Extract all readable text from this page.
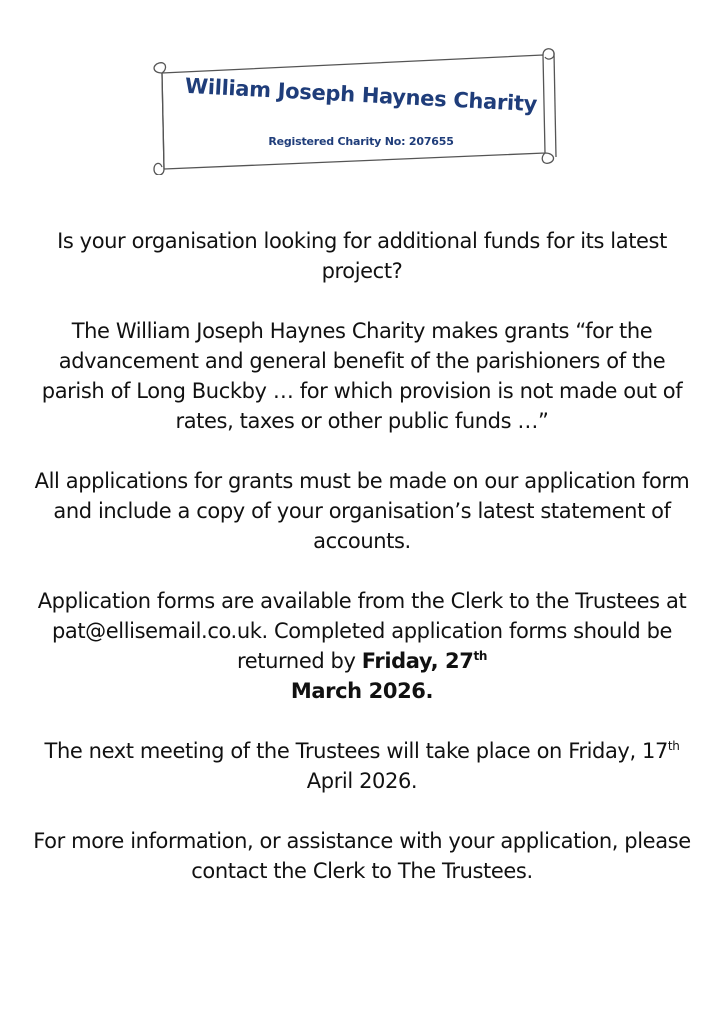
William Joseph Haynes Charity

Registered Charity No: 207655

Is your organisation looking for additional funds for its latest project?

The William Joseph Haynes Charity makes grants “for the advancement and general benefit of the parishioners of the parish of Long Buckby … for which provision is not made out of rates, taxes or other public funds …”

All applications for grants must be made on our application form and include a copy of your organisation’s latest statement of accounts.

Application forms are available from the Clerk to the Trustees at pat@ellisemail.co.uk. Completed application forms should be returned by Friday, 27th
March 2026.

The next meeting of the Trustees will take place on Friday, 17th April 2026.

For more information, or assistance with your application, please contact the Clerk to The Trustees.
